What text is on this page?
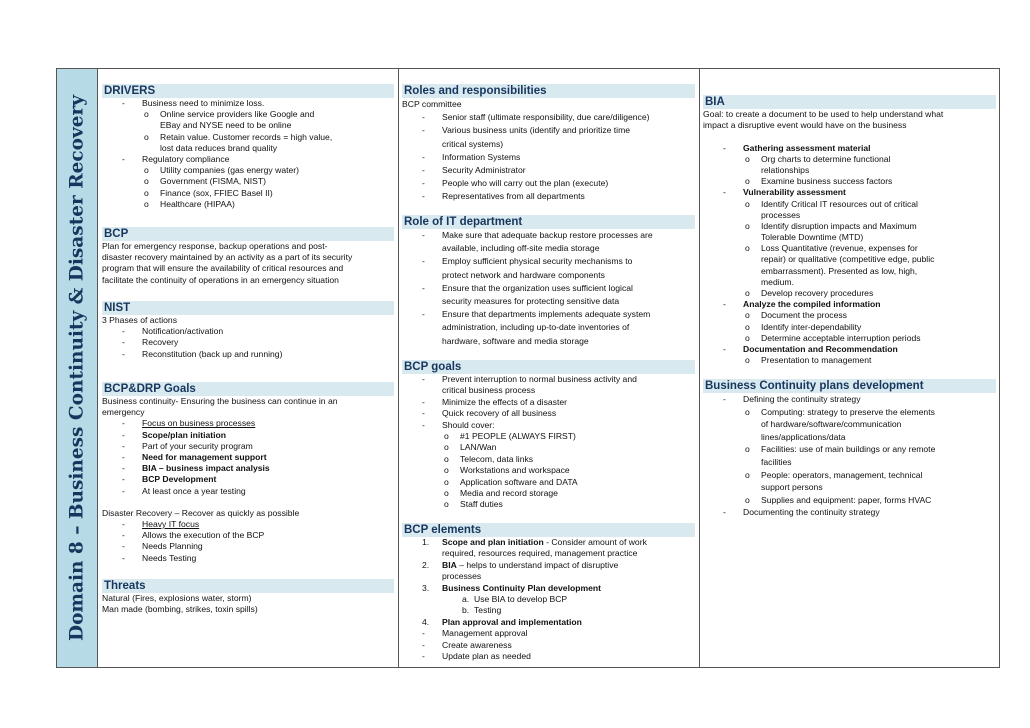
Domain 8 – Business Continuity & Disaster Recovery
DRIVERS
- Business need to minimize loss.
o Online service providers like Google and
EBay and NYSE need to be online
o Retain value. Customer records = high value,
lost data reduces brand quality
- Regulatory compliance
o Utility companies (gas energy water)
o Government (FISMA, NIST)
o Finance (sox, FFIEC Basel II)
o Healthcare (HIPAA)
BCP
Plan for emergency response, backup operations and post-
disaster recovery maintained by an activity as a part of its security
program that will ensure the availability of critical resources and
facilitate the continuity of operations in an emergency situation
NIST
3 Phases of actions
- Notification/activation
- Recovery
- Reconstitution (back up and running)
BCP&DRP Goals
Business continuity- Ensuring the business can continue in an
emergency
- Focus on business processes
- Scope/plan initiation
- Part of your security program
- Need for management support
- BIA – business impact analysis
- BCP Development
- At least once a year testing
Disaster Recovery – Recover as quickly as possible
- Heavy IT focus
- Allows the execution of the BCP
- Needs Planning
- Needs Testing
Threats
Natural (Fires, explosions water, storm)
Man made (bombing, strikes, toxin spills)
Roles and responsibilities
BCP committee
- Senior staff (ultimate responsibility, due care/diligence)
- Various business units (identify and prioritize time
critical systems)
- Information Systems
- Security Administrator
- People who will carry out the plan (execute)
- Representatives from all departments
Role of IT department
- Make sure that adequate backup restore processes are
available, including off-site media storage
- Employ sufficient physical security mechanisms to
protect network and hardware components
- Ensure that the organization uses sufficient logical
security measures for protecting sensitive data
- Ensure that departments implements adequate system
administration, including up-to-date inventories of
hardware, software and media storage
BCP goals
- Prevent interruption to normal business activity and
critical business process
- Minimize the effects of a disaster
- Quick recovery of all business
- Should cover:
o #1 PEOPLE (ALWAYS FIRST)
o LAN/Wan
o Telecom, data links
o Workstations and workspace
o Application software and DATA
o Media and record storage
o Staff duties
BCP elements
1. Scope and plan initiation - Consider amount of work
required, resources required, management practice
2. BIA – helps to understand impact of disruptive
processes
3. Business Continuity Plan development
a. Use BIA to develop BCP
b. Testing
4. Plan approval and implementation
- Management approval
- Create awareness
- Update plan as needed
BIA
Goal: to create a document to be used to help understand what
impact a disruptive event would have on the business
- Gathering assessment material
o Org charts to determine functional
relationships
o Examine business success factors
- Vulnerability assessment
o Identify Critical IT resources out of critical
processes
o Identify disruption impacts and Maximum
Tolerable Downtime (MTD)
o Loss Quantitative (revenue, expenses for
repair) or qualitative (competitive edge, public
embarrassment). Presented as low, high,
medium.
o Develop recovery procedures
- Analyze the compiled information
o Document the process
o Identify inter-dependability
o Determine acceptable interruption periods
- Documentation and Recommendation
o Presentation to management
Business Continuity plans development
- Defining the continuity strategy
o Computing: strategy to preserve the elements
of hardware/software/communication
lines/applications/data
o Facilities: use of main buildings or any remote
facilities
o People: operators, management, technical
support persons
o Supplies and equipment: paper, forms HVAC
- Documenting the continuity strategy
